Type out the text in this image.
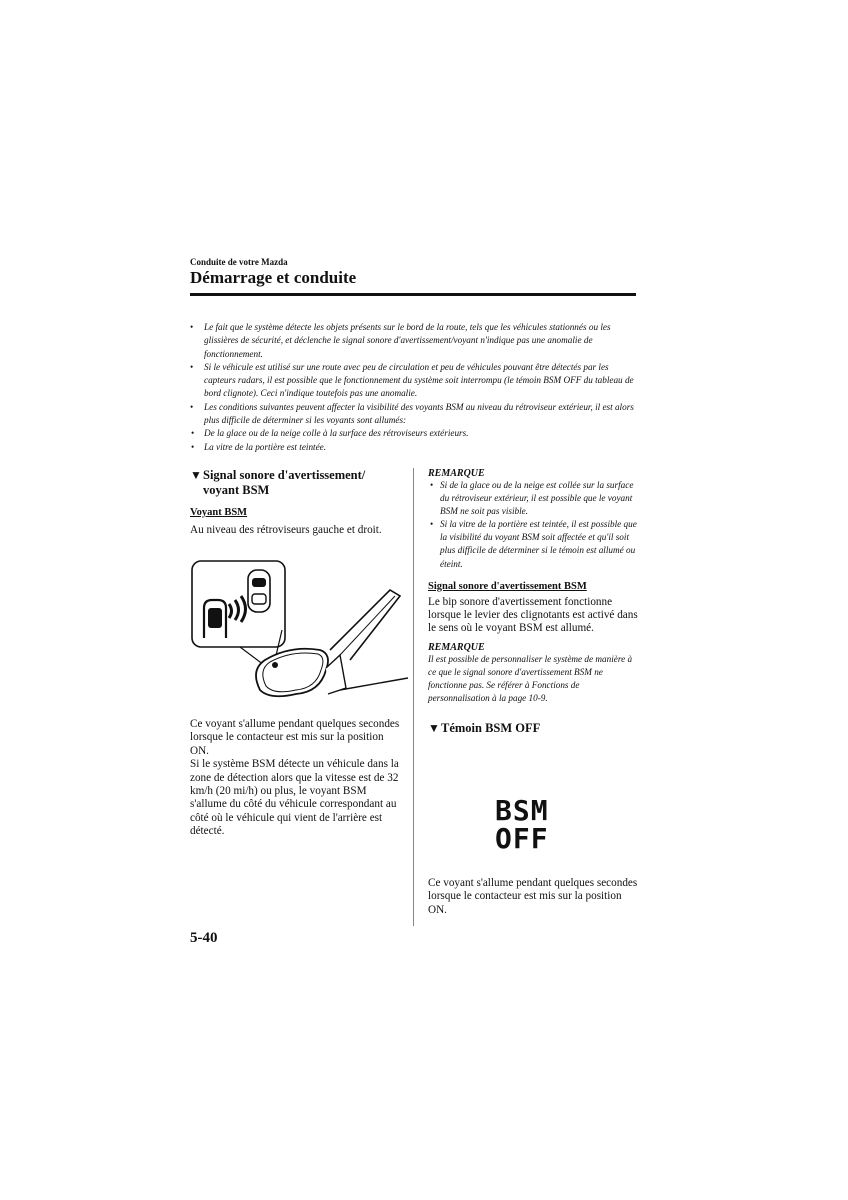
Conduite de votre Mazda
Démarrage et conduite
• Le fait que le système détecte les objets présents sur le bord de la route, tels que les véhicules stationnés ou les glissières de sécurité, et déclenche le signal sonore d'avertissement/voyant n'indique pas une anomalie de fonctionnement.
• Si le véhicule est utilisé sur une route avec peu de circulation et peu de véhicules pouvant être détectés par les capteurs radars, il est possible que le fonctionnement du système soit interrompu (le témoin BSM OFF du tableau de bord clignote). Ceci n'indique toutefois pas une anomalie.
• Les conditions suivantes peuvent affecter la visibilité des voyants BSM au niveau du rétroviseur extérieur, il est alors plus difficile de déterminer si les voyants sont allumés:
• De la glace ou de la neige colle à la surface des rétroviseurs extérieurs.
• La vitre de la portière est teintée.
▼ Signal sonore d'avertissement/ voyant BSM
Voyant BSM
Au niveau des rétroviseurs gauche et droit.
Ce voyant s'allume pendant quelques secondes lorsque le contacteur est mis sur la position ON.
Si le système BSM détecte un véhicule dans la zone de détection alors que la vitesse est de 32 km/h (20 mi/h) ou plus, le voyant BSM s'allume du côté du véhicule correspondant au côté où le véhicule qui vient de l'arrière est détecté.
REMARQUE
• Si de la glace ou de la neige est collée sur la surface du rétroviseur extérieur, il est possible que le voyant BSM ne soit pas visible.
• Si la vitre de la portière est teintée, il est possible que la visibilité du voyant BSM soit affectée et qu'il soit plus difficile de déterminer si le témoin est allumé ou éteint.
Signal sonore d'avertissement BSM
Le bip sonore d'avertissement fonctionne lorsque le levier des clignotants est activé dans le sens où le voyant BSM est allumé.
REMARQUE
Il est possible de personnaliser le système de manière à ce que le signal sonore d'avertissement BSM ne fonctionne pas. Se référer à Fonctions de personnalisation à la page 10-9.
▼ Témoin BSM OFF
BSM
OFF
Ce voyant s'allume pendant quelques secondes lorsque le contacteur est mis sur la position ON.
5-40
